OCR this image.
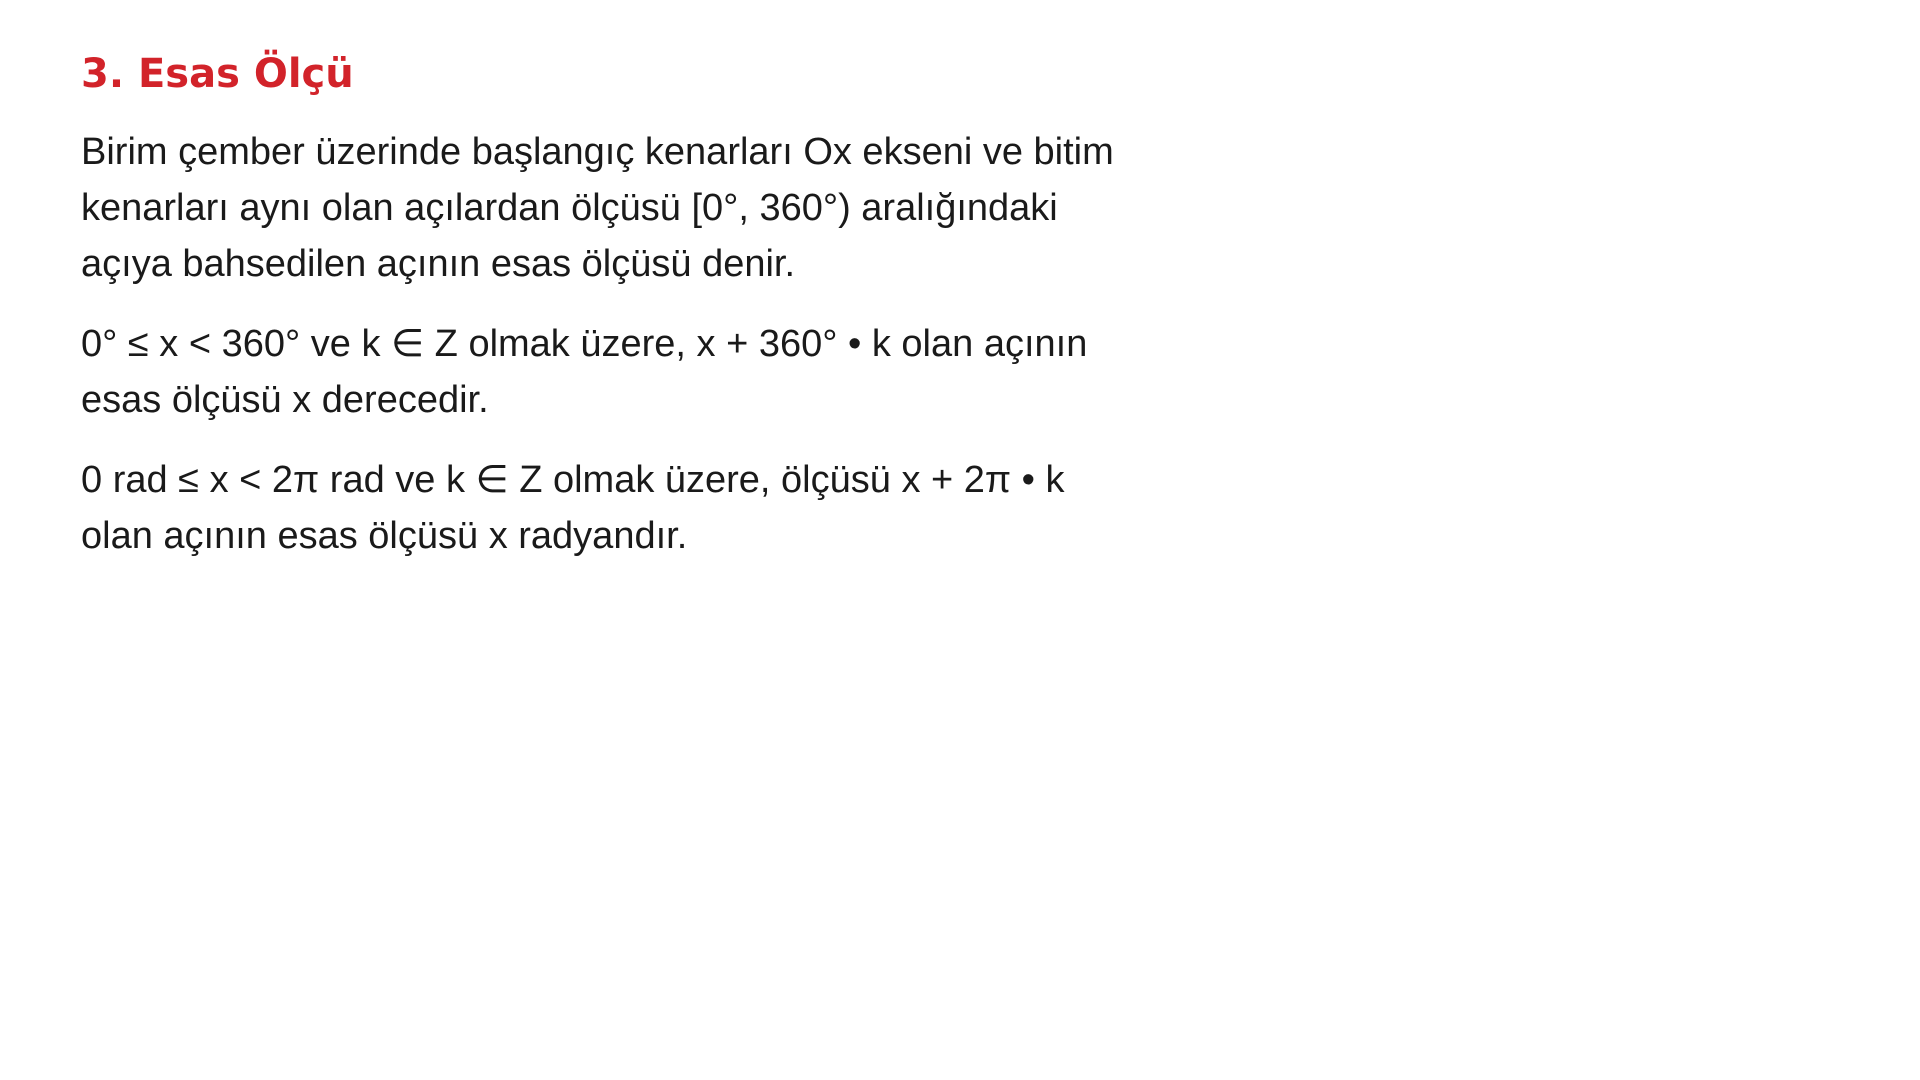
3. Esas Ölçü

Birim çember üzerinde başlangıç kenarları Ox ekseni ve bitim
kenarları aynı olan açılardan ölçüsü [0°, 360°) aralığındaki
açıya bahsedilen açının esas ölçüsü denir.

0° ≤ x < 360° ve k ∈ Z olmak üzere, x + 360° • k olan açının
esas ölçüsü x derecedir.

0 rad ≤ x < 2π rad ve k ∈ Z olmak üzere, ölçüsü x + 2π • k
olan açının esas ölçüsü x radyandır.
